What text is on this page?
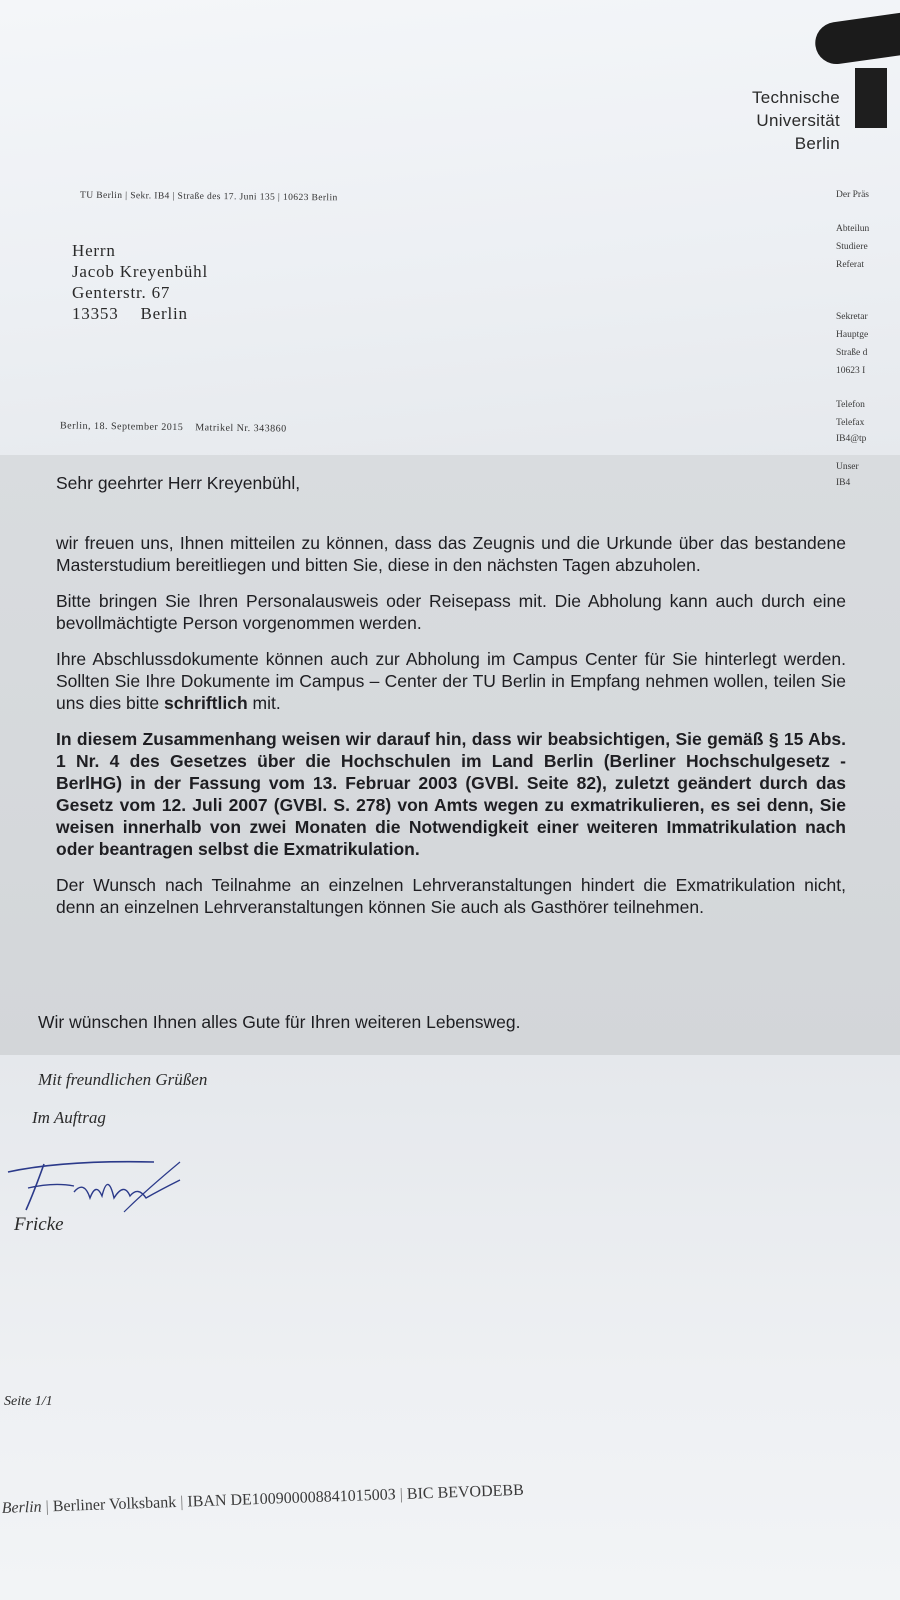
Technische
Universität
Berlin
TU Berlin | Sekr. IB4 | Straße des 17. Juni 135 | 10623 Berlin	Der Präs
Abteilun
Studiere
Referat
Sekretar
Hauptge
Straße d
10623 I
Telefon
Telefax
IB4@tp
Unser
IB4
Herrn
Jacob Kreyenbühl
Genterstr. 67
13353 Berlin
Berlin, 18. September 2015 Matrikel Nr. 343860
Sehr geehrter Herr Kreyenbühl,
wir freuen uns, Ihnen mitteilen zu können, dass das Zeugnis und die Urkunde über das bestandene Masterstudium bereitliegen und bitten Sie, diese in den nächsten Tagen abzuholen.
Bitte bringen Sie Ihren Personalausweis oder Reisepass mit. Die Abholung kann auch durch eine bevollmächtigte Person vorgenommen werden.
Ihre Abschlussdokumente können auch zur Abholung im Campus Center für Sie hinterlegt werden. Sollten Sie Ihre Dokumente im Campus – Center der TU Berlin in Empfang nehmen wollen, teilen Sie uns dies bitte schriftlich mit.
In diesem Zusammenhang weisen wir darauf hin, dass wir beabsichtigen, Sie gemäß § 15 Abs. 1 Nr. 4 des Gesetzes über die Hochschulen im Land Berlin (Berliner Hochschulgesetz - BerlHG) in der Fassung vom 13. Februar 2003 (GVBl. Seite 82), zuletzt geändert durch das Gesetz vom 12. Juli 2007 (GVBl. S. 278) von Amts wegen zu exmatrikulieren, es sei denn, Sie weisen innerhalb von zwei Monaten die Notwendigkeit einer weiteren Immatrikulation nach oder beantragen selbst die Exmatrikulation.
Der Wunsch nach Teilnahme an einzelnen Lehrveranstaltungen hindert die Exmatrikulation nicht, denn an einzelnen Lehrveranstaltungen können Sie auch als Gasthörer teilnehmen.
Wir wünschen Ihnen alles Gute für Ihren weiteren Lebensweg.
Mit freundlichen Grüßen
Im Auftrag
Fricke
Seite 1/1
Berlin | Berliner Volksbank | IBAN DE10090000884101500З | BIC BEVODEBB
